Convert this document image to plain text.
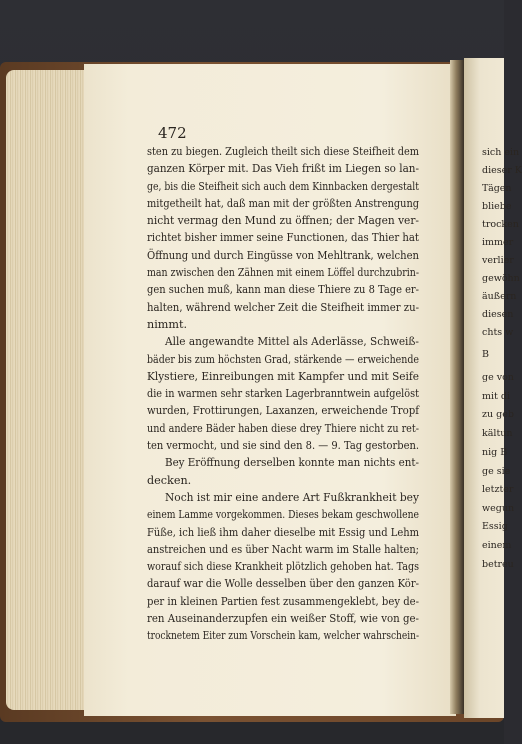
472
sten zu biegen. Zugleich theilt sich diese Steifheit dem
ganzen Körper mit. Das Vieh frißt im Liegen so lan-
ge, bis die Steifheit sich auch dem Kinnbacken dergestalt
mitgetheilt hat, daß man mit der größten Anstrengung
nicht vermag den Mund zu öffnen; der Magen ver-
richtet bisher immer seine Functionen, das Thier hat
Öffnung und durch Eingüsse von Mehltrank, welchen
man zwischen den Zähnen mit einem Löffel durchzubrin-
gen suchen muß, kann man diese Thiere zu 8 Tage er-
halten, während welcher Zeit die Steifheit immer zu-
nimmt.
Alle angewandte Mittel als Aderlässe, Schweiß-
bäder bis zum höchsten Grad, stärkende — erweichende
Klystiere, Einreibungen mit Kampfer und mit Seife
die in warmen sehr starken Lagerbranntwein aufgelöst
wurden, Frottirungen, Laxanzen, erweichende Tropf
und andere Bäder haben diese drey Thiere nicht zu ret-
ten vermocht, und sie sind den 8. — 9. Tag gestorben.
Bey Eröffnung derselben konnte man nichts ent-
decken.
Noch ist mir eine andere Art Fußkrankheit bey
einem Lamme vorgekommen. Dieses bekam geschwollene
Füße, ich ließ ihm daher dieselbe mit Essig und Lehm
anstreichen und es über Nacht warm im Stalle halten;
worauf sich diese Krankheit plötzlich gehoben hat. Tags
darauf war die Wolle desselben über den ganzen Kör-
per in kleinen Partien fest zusammengeklebt, bey de-
ren Auseinanderzupfen ein weißer Stoff, wie von ge-
trocknetem Eiter zum Vorschein kam, welcher wahrschein-
sich ein
dieser K
Tägen
bliebe
trocken
immer
verlier
gewöhn
äußern
diesen
chts w
B
ge von
mit di
zu geb
kältun
nig B
ge sie
letzter
wegun
Essig
einem
betreu
